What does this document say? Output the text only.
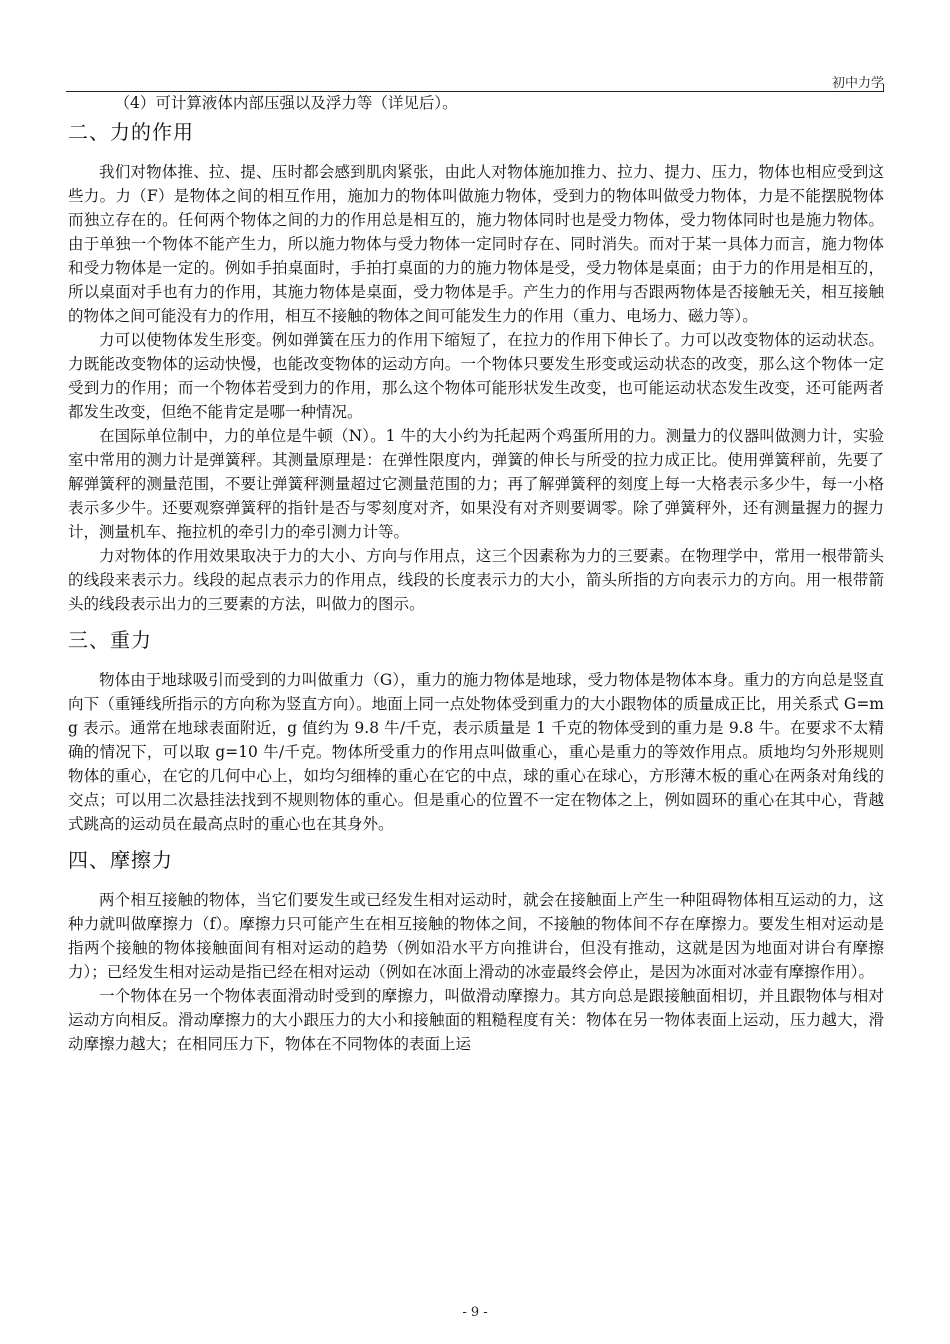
初中力学

（4）可计算液体内部压强以及浮力等（详见后）。

二、力的作用

我们对物体推、拉、提、压时都会感到肌肉紧张，由此人对物体施加推力、拉力、提力、压力，物体也相应受到这些力。力（F）是物体之间的相互作用，施加力的物体叫做施力物体，受到力的物体叫做受力物体，力是不能摆脱物体而独立存在的。任何两个物体之间的力的作用总是相互的，施力物体同时也是受力物体，受力物体同时也是施力物体。由于单独一个物体不能产生力，所以施力物体与受力物体一定同时存在、同时消失。而对于某一具体力而言，施力物体和受力物体是一定的。例如手拍桌面时，手拍打桌面的力的施力物体是受，受力物体是桌面；由于力的作用是相互的，所以桌面对手也有力的作用，其施力物体是桌面，受力物体是手。产生力的作用与否跟两物体是否接触无关，相互接触的物体之间可能没有力的作用，相互不接触的物体之间可能发生力的作用（重力、电场力、磁力等）。

力可以使物体发生形变。例如弹簧在压力的作用下缩短了，在拉力的作用下伸长了。力可以改变物体的运动状态。力既能改变物体的运动快慢，也能改变物体的运动方向。一个物体只要发生形变或运动状态的改变，那么这个物体一定受到力的作用；而一个物体若受到力的作用，那么这个物体可能形状发生改变，也可能运动状态发生改变，还可能两者都发生改变，但绝不能肯定是哪一种情况。

在国际单位制中，力的单位是牛顿（N）。1 牛的大小约为托起两个鸡蛋所用的力。测量力的仪器叫做测力计，实验室中常用的测力计是弹簧秤。其测量原理是：在弹性限度内，弹簧的伸长与所受的拉力成正比。使用弹簧秤前，先要了解弹簧秤的测量范围，不要让弹簧秤测量超过它测量范围的力；再了解弹簧秤的刻度上每一大格表示多少牛，每一小格表示多少牛。还要观察弹簧秤的指针是否与零刻度对齐，如果没有对齐则要调零。除了弹簧秤外，还有测量握力的握力计，测量机车、拖拉机的牵引力的牵引测力计等。

力对物体的作用效果取决于力的大小、方向与作用点，这三个因素称为力的三要素。在物理学中，常用一根带箭头的线段来表示力。线段的起点表示力的作用点，线段的长度表示力的大小，箭头所指的方向表示力的方向。用一根带箭头的线段表示出力的三要素的方法，叫做力的图示。

三、重力

物体由于地球吸引而受到的力叫做重力（G），重力的施力物体是地球，受力物体是物体本身。重力的方向总是竖直向下（重锤线所指示的方向称为竖直方向）。地面上同一点处物体受到重力的大小跟物体的质量成正比，用关系式 G=mg 表示。通常在地球表面附近，g 值约为 9.8 牛/千克，表示质量是 1 千克的物体受到的重力是 9.8 牛。在要求不太精确的情况下，可以取 g=10 牛/千克。物体所受重力的作用点叫做重心，重心是重力的等效作用点。质地均匀外形规则物体的重心，在它的几何中心上，如均匀细棒的重心在它的中点，球的重心在球心，方形薄木板的重心在两条对角线的交点；可以用二次悬挂法找到不规则物体的重心。但是重心的位置不一定在物体之上，例如圆环的重心在其中心，背越式跳高的运动员在最高点时的重心也在其身外。

四、摩擦力

两个相互接触的物体，当它们要发生或已经发生相对运动时，就会在接触面上产生一种阻碍物体相互运动的力，这种力就叫做摩擦力（f）。摩擦力只可能产生在相互接触的物体之间，不接触的物体间不存在摩擦力。要发生相对运动是指两个接触的物体接触面间有相对运动的趋势（例如沿水平方向推讲台，但没有推动，这就是因为地面对讲台有摩擦力）；已经发生相对运动是指已经在相对运动（例如在冰面上滑动的冰壶最终会停止，是因为冰面对冰壶有摩擦作用）。

一个物体在另一个物体表面滑动时受到的摩擦力，叫做滑动摩擦力。其方向总是跟接触面相切，并且跟物体与相对运动方向相反。滑动摩擦力的大小跟压力的大小和接触面的粗糙程度有关：物体在另一物体表面上运动，压力越大，滑动摩擦力越大；在相同压力下，物体在不同物体的表面上运

- 9 -
